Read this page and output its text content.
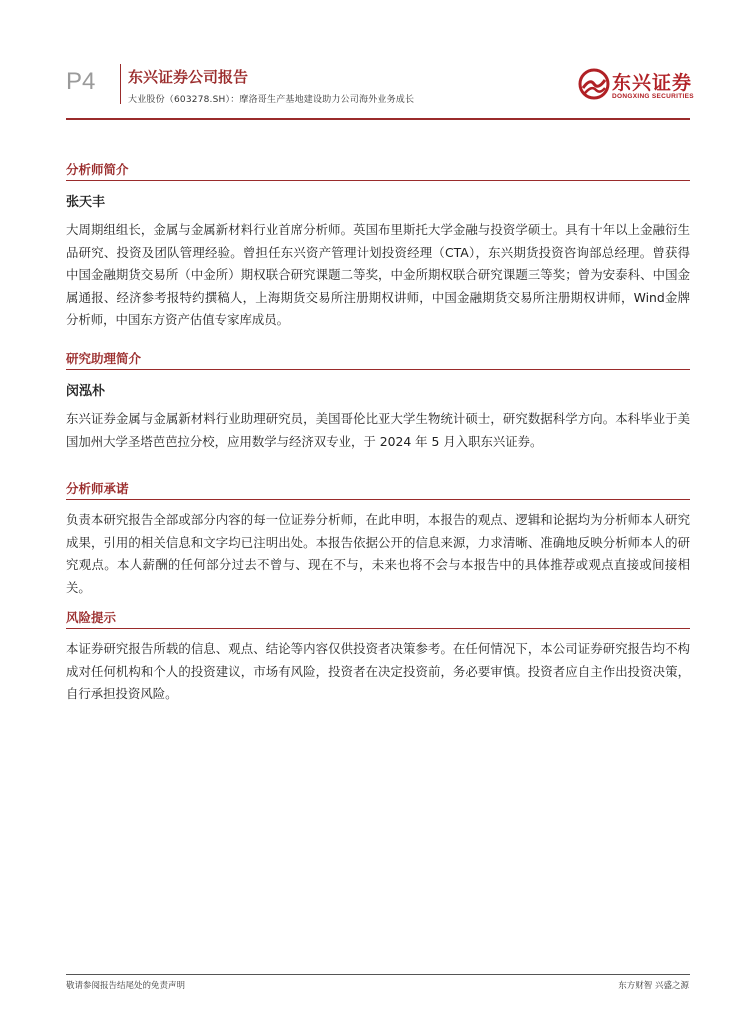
P4 东兴证券公司报告
大业股份（603278.SH）：摩洛哥生产基地建设助力公司海外业务成长
东兴证券
DONGXING SECURITIES
分析师简介
张天丰

大周期组组长，金属与金属新材料行业首席分析师。英国布里斯托大学金融与投资学硕士。具有十年以上金融衍生品研究、投资及团队管理经验。曾担任东兴资产管理计划投资经理（CTA），东兴期货投资咨询部总经理。曾获得中国金融期货交易所（中金所）期权联合研究课题二等奖，中金所期权联合研究课题三等奖；曾为安泰科、中国金属通报、经济参考报特约撰稿人，上海期货交易所注册期权讲师，中国金融期货交易所注册期权讲师，Wind金牌分析师，中国东方资产估值专家库成员。

研究助理简介
闵泓朴

东兴证券金属与金属新材料行业助理研究员，美国哥伦比亚大学生物统计硕士，研究数据科学方向。本科毕业于美国加州大学圣塔芭芭拉分校，应用数学与经济双专业，于 2024 年 5 月入职东兴证券。

分析师承诺

负责本研究报告全部或部分内容的每一位证券分析师，在此申明，本报告的观点、逻辑和论据均为分析师本人研究成果，引用的相关信息和文字均已注明出处。本报告依据公开的信息来源，力求清晰、准确地反映分析师本人的研究观点。本人薪酬的任何部分过去不曾与、现在不与，未来也将不会与本报告中的具体推荐或观点直接或间接相关。

风险提示

本证券研究报告所载的信息、观点、结论等内容仅供投资者决策参考。在任何情况下，本公司证券研究报告均不构成对任何机构和个人的投资建议，市场有风险，投资者在决定投资前，务必要审慎。投资者应自主作出投资决策，自行承担投资风险。

敬请参阅报告结尾处的免责声明	东方财智 兴盛之源
